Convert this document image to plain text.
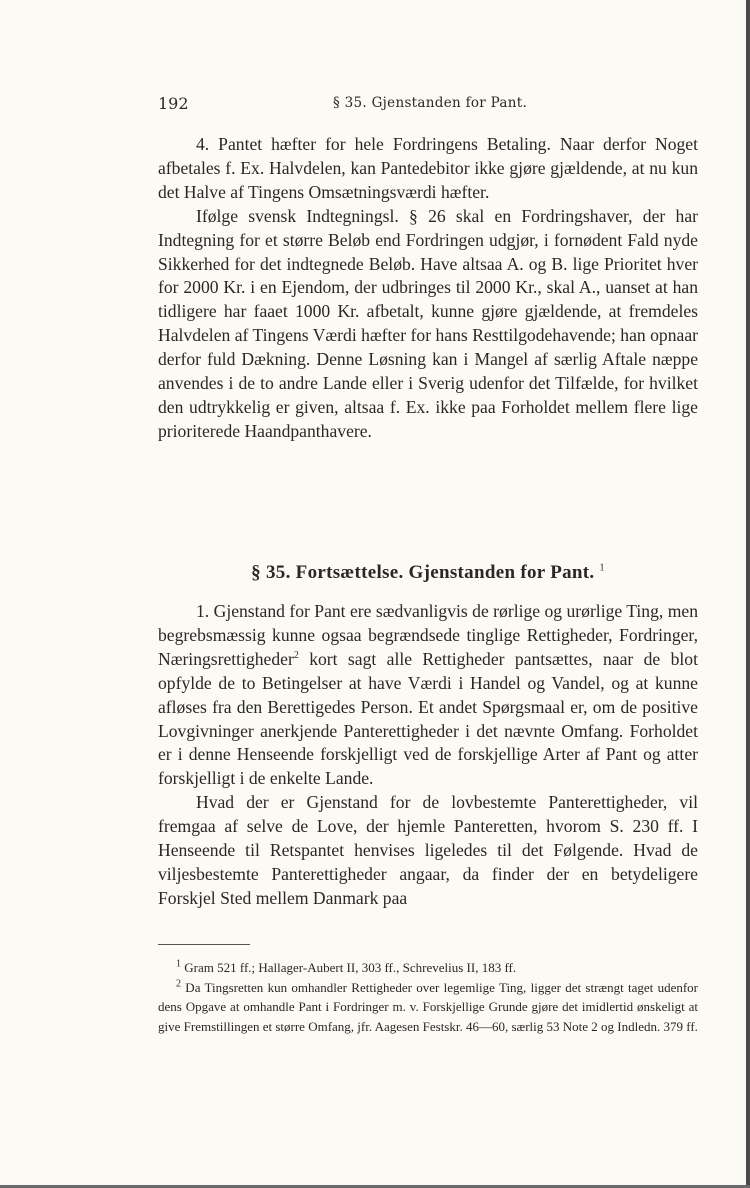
192	§ 35. Gjenstanden for Pant.

4. Pantet hæfter for hele Fordringens Betaling. Naar derfor Noget afbetales f. Ex. Halvdelen, kan Pantedebitor ikke gjøre gjældende, at nu kun det Halve af Tingens Omsætningsværdi hæfter.

Ifølge svensk Indtegningsl. § 26 skal en Fordringshaver, der har Indtegning for et større Beløb end Fordringen udgjør, i fornødent Fald nyde Sikkerhed for det indtegnede Beløb. Have altsaa A. og B. lige Prioritet hver for 2000 Kr. i en Ejendom, der udbringes til 2000 Kr., skal A., uanset at han tidligere har faaet 1000 Kr. afbetalt, kunne gjøre gjældende, at fremdeles Halvdelen af Tingens Værdi hæfter for hans Resttilgodehavende; han opnaar derfor fuld Dækning. Denne Løsning kan i Mangel af særlig Aftale næppe anvendes i de to andre Lande eller i Sverig udenfor det Tilfælde, for hvilket den udtrykkelig er given, altsaa f. Ex. ikke paa Forholdet mellem flere lige prioriterede Haandpanthavere.

§ 35. Fortsættelse. Gjenstanden for Pant. $^1$

1. Gjenstand for Pant ere sædvanligvis de rørlige og urørlige Ting, men begrebsmæssig kunne ogsaa begrændsede tinglige Rettigheder, Fordringer, Næringsrettigheder$^2$ kort sagt alle Rettigheder pantsættes, naar de blot opfylde de to Betingelser at have Værdi i Handel og Vandel, og at kunne afløses fra den Berettigedes Person. Et andet Spørgsmaal er, om de positive Lovgivninger anerkjende Panterettigheder i det nævnte Omfang. Forholdet er i denne Henseende forskjelligt ved de forskjellige Arter af Pant og atter forskjelligt i de enkelte Lande.

Hvad der er Gjenstand for de lovbestemte Panterettigheder, vil fremgaa af selve de Love, der hjemle Panteretten, hvorom S. 230 ff. I Henseende til Retspantet henvises ligeledes til det Følgende. Hvad de viljesbestemte Panterettigheder angaar, da finder der en betydeligere Forskjel Sted mellem Danmark paa

$^1$ Gram 521 ff.; Hallager-Aubert II, 303 ff., Schrevelius II, 183 ff.

$^2$ Da Tingsretten kun omhandler Rettigheder over legemlige Ting, ligger det strængt taget udenfor dens Opgave at omhandle Pant i Fordringer m. v. Forskjellige Grunde gjøre det imidlertid ønskeligt at give Fremstillingen et større Omfang, jfr. Aagesen Festskr. 46—60, særlig 53 Note 2 og Indledn. 379 ff.
